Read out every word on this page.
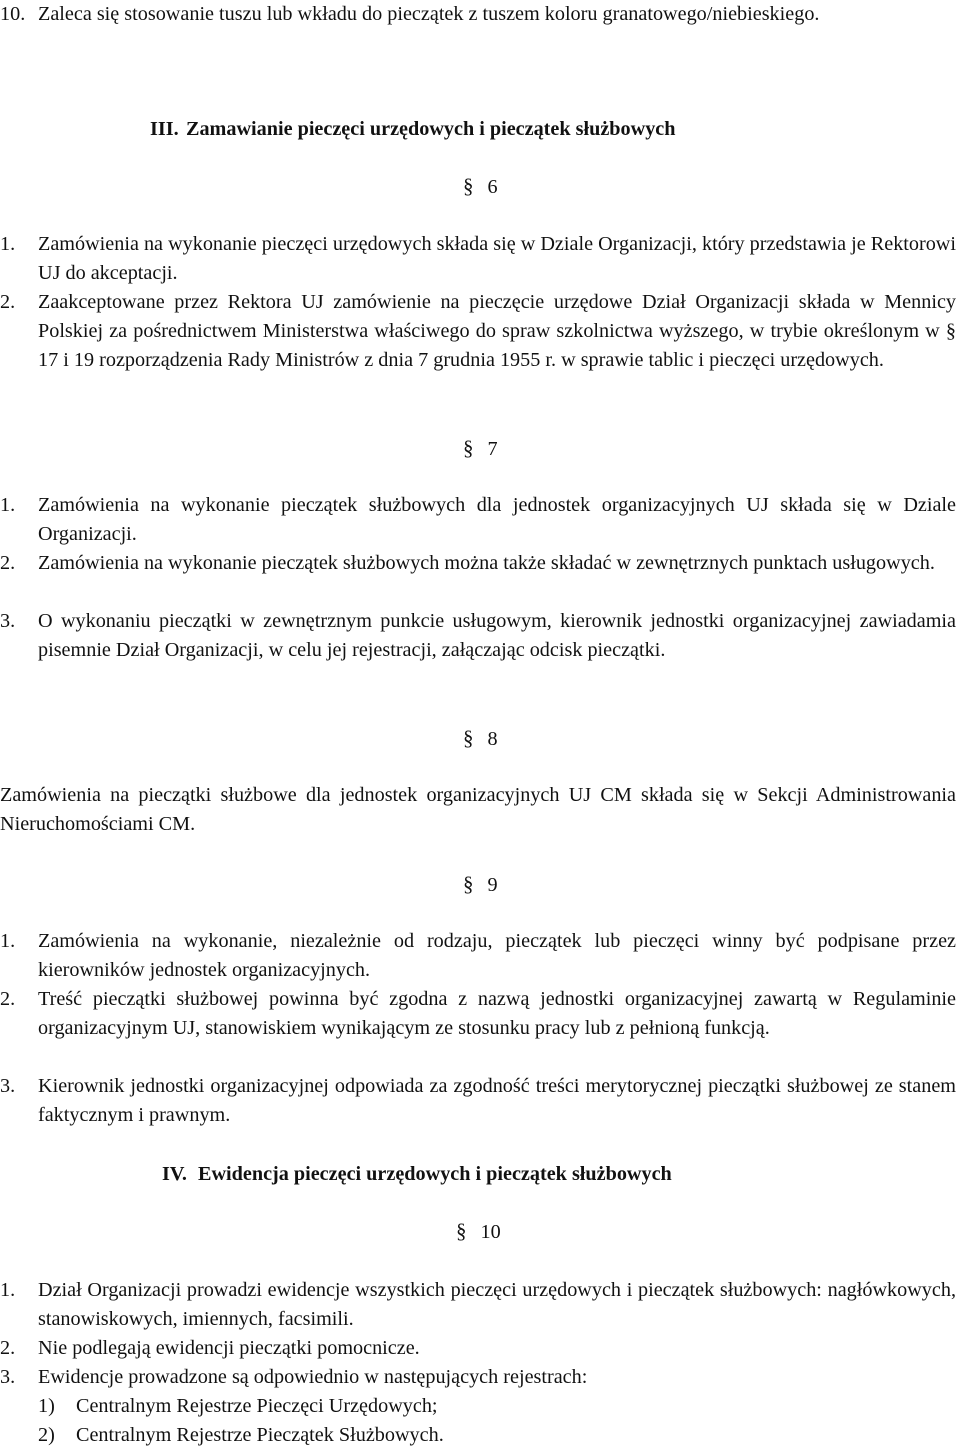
10. Zaleca się stosowanie tuszu lub wkładu do pieczątek z tuszem koloru granatowego/niebieskiego.
III. Zamawianie pieczęci urzędowych i pieczątek służbowych
§ 6
1. Zamówienia na wykonanie pieczęci urzędowych składa się w Dziale Organizacji, który przedstawia je Rektorowi UJ do akceptacji.
2. Zaakceptowane przez Rektora UJ zamówienie na pieczęcie urzędowe Dział Organizacji składa w Mennicy Polskiej za pośrednictwem Ministerstwa właściwego do spraw szkolnictwa wyższego, w trybie określonym w § 17 i 19 rozporządzenia Rady Ministrów z dnia 7 grudnia 1955 r. w sprawie tablic i pieczęci urzędowych.
§ 7
1. Zamówienia na wykonanie pieczątek służbowych dla jednostek organizacyjnych UJ składa się w Dziale Organizacji.
2. Zamówienia na wykonanie pieczątek służbowych można także składać w zewnętrznych punktach usługowych.
3. O wykonaniu pieczątki w zewnętrznym punkcie usługowym, kierownik jednostki organizacyjnej zawiadamia pisemnie Dział Organizacji, w celu jej rejestracji, załączając odcisk pieczątki.
§ 8
Zamówienia na pieczątki służbowe dla jednostek organizacyjnych UJ CM składa się w Sekcji Administrowania Nieruchomościami CM.
§ 9
1. Zamówienia na wykonanie, niezależnie od rodzaju, pieczątek lub pieczęci winny być podpisane przez kierowników jednostek organizacyjnych.
2. Treść pieczątki służbowej powinna być zgodna z nazwą jednostki organizacyjnej zawartą w Regulaminie organizacyjnym UJ, stanowiskiem wynikającym ze stosunku pracy lub z pełnioną funkcją.
3. Kierownik jednostki organizacyjnej odpowiada za zgodność treści merytorycznej pieczątki służbowej ze stanem faktycznym i prawnym.
IV. Ewidencja pieczęci urzędowych i pieczątek służbowych
§ 10
1. Dział Organizacji prowadzi ewidencje wszystkich pieczęci urzędowych i pieczątek służbowych: nagłówkowych, stanowiskowych, imiennych, facsimili.
2. Nie podlegają ewidencji pieczątki pomocnicze.
3. Ewidencje prowadzone są odpowiednio w następujących rejestrach:
1) Centralnym Rejestrze Pieczęci Urzędowych;
2) Centralnym Rejestrze Pieczątek Służbowych.
